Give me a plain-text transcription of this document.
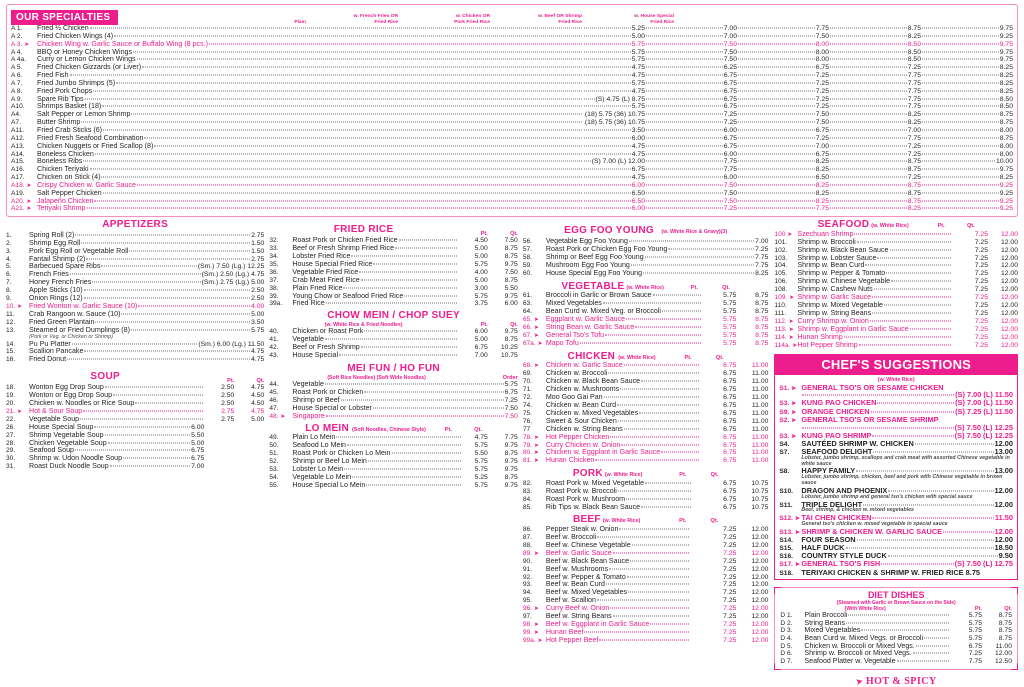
OUR SPECIALTIES	Plain
w. French Fries OR
Fried Rice
w. Chicken OR
Pork Fried Rice
w. Beef OR Shrimp
Fried Rice
w. House Special
Fried Rice
A 1.	Fried ½ Chicken	5.25	7.00	7.75	8.75	9.75

A 2.	Fried Chicken Wings (4)	5.00	7.00	7.50	8.25	9.25

A 3. ➤	Chicken Wing w. Garlic Sauce or Buffalo Wing (8 pcs.)	5.75	7.50	8.00	8.50	9.75

A 4.	BBQ or Honey Chicken Wings	5.75	7.50	8.00	8.50	9.75

A 4a.	Curry or Lemon Chicken Wings	5.75	7.50	8.00	8.50	9.75

A 5.	Fried Chicken Gizzards (or Liver)	4.75	6.25	6.75	7.25	8.25

A 6.	Fried Fish	4.75	6.75	7.25	7.75	8.25

A 7.	Fried Jumbo Shrimps (5)	5.75	6.75	7.25	7.75	8.25

A 8.	Fried Pork Chops	4.75	6.75	7.25	7.75	8.25

A 9.	Spare Rib Tips	(S) 4.75 (L) 8.75	6.75	7.25	7.75	8.50

A10.	Shrimps Basket (18)	5.75	6.75	7.25	7.75	8.50

A4.	Salt Pepper or Lemon Shrimp	(18) 5.75 (36) 10.75	7.25	7.50	8.25	8.75

A7.	Butter Shrimp	(18) 5.75 (36) 10.75	7.25	7.50	8.25	8.75

A11.	Fried Crab Sticks (6)	3.50	6.00	6.75	7.00	8.00

A12.	Fried Fresh Seafood Combination	6.00	6.75	7.25	7.75	8.75

A13.	Chicken Nuggets or Fried Scallop (8)	4.75	6.75	7.00	7.25	8.00

A14.	Boneless Chicken	4.75	6.00	6.75	7.25	8.00

A15.	Boneless Ribs	(S) 7.00 (L) 12.00	7.75	8.25	8.75	10.00

A16.	Chicken Teriyaki	6.75	7.75	8.25	8.75	9.75

A17.	Chicken on Stick (4)	4.75	6.00	6.50	7.25	8.25

A18. ➤	Crispy Chicken w. Garlic Sauce	6.00	7.50	8.25	8.75	9.25

A19.	Salt Pepper Chicken	6.50	7.50	8.25	8.75	9.25

A20. ➤	Jalapeño Chicken	6.50	7.50	8.25	8.75	9.25

A21. ➤	Teriyaki Shrimp	6.00	7.25	7.75	8.25	9.25
APPETIZERS
1.	Spring Roll (2) 2.75

2.	Shrimp Egg Roll 1.50

3.	Pork Egg Roll or Vegetable Roll 1.50

4.	Fantail Shrimp (2) 2.75

5.	Barbecued Spare Ribs (Sm.) 7.50 (Lg.) 12.25

6.	French Fries (Sm.) 2.50 (Lg.) 4.75

7.	Honey French Fries (Sm.) 2.75 (Lg.) 5.00

8.	Apple Sticks (10) 2.50

9.	Onion Rings (12) 2.50

10. ➤	Fried Wonton w. Garlic Sauce (10) 4.00

11.	Crab Rangoon w. Sauce (10) 5.00

12.	Fried Green Plantain 3.50

13.	Steamed or Fried Dumplings (8) 5.75
(Pork or Veg. or Chicken or Shrimp)

14.	Pu Pu Platter (Sm.) 6.00 (Lg.) 11.50

15.	Scallion Pancake 4.75

16.	Fried Donut 4.75
SOUP	Pt.	Qt.
18.	Wonton Egg Drop Soup	2.50	4.75
19.	Wonton or Egg Drop Soup	2.50	4.50
20.	Chicken w. Noodles or Rice Soup	2.50	4.50
21. ➤	Hot & Sour Soup	2.75	4.75
22.	Vegetable Soup	2.75	5.00
26.	House Special Soup 6.00		

27.	Shrimp Vegetable Soup 5.50		

28.	Chicken Vegetable Soup 5.00		

29.	Seafood Soup 6.75		

30.	Shrimp w. Udon Noodle Soup 6.75		

31.	Roast Duck Noodle Soup 7.00		

FRIED RICE	Pt.	Qt.
32.	Roast Pork or Chicken Fried Rice	4.50	7.50
33.	Beef or Fresh Shrimp Fried Rice	5.00	8.75
34.	Lobster Fried Rice	5.00	8.75
35.	House Special Fried Rice	5.75	9.75
36.	Vegetable Fried Rice	4.00	7.50
37.	Crab Meat Fried Rice	5.00	8.75
38.	Plain Fried Rice	3.00	5.50
39.	Young Chow or Seafood Fried Rice	5.75	9.75
39a.	Fried Rice	3.75	6.00
CHOW MEIN / CHOP SUEY
(w. White Rice & Fried Noodles)	Pt.	Qt.
40.	Chicken or Roast Pork	6.00	9.75
41.	Vegetable	5.00	8.75
42.	Beef or Fresh Shrimp	6.75	10.25
43.	House Special	7.00	10.75
MEI FUN / HO FUN
(Soft Rice Noodles) (Soft Wide Noodles)	Order
44.	Vegetable 5.75

45.	Roast Pork or Chicken 6.75

46.	Shrimp or Beef 7.25

47.	House Special or Lobster 7.50

48. ➤	Singapore 7.50
LO MEIN (Soft Noodles, Chinese Style)	Pt.	Qt.
49.	Plain Lo Mein	4.75	7.75
50.	Seafood Lo Mein	5.75	9.75
51.	Roast Pork or Chicken Lo Mein	5.50	8.75
52.	Shrimp or Beef Lo Mein	5.75	9.75
53.	Lobster Lo Mein	5.75	9.75
54.	Vegetable Lo Mein	5.25	8.75
55.	House Special Lo Mein	5.75	9.75
EGG FOO YOUNG (w. White Rice & Gravy)(3)
56.	Vegetable Egg Foo Young 7.00

57.	Roast Pork or Chicken Egg Foo Young 7.25

58.	Shrimp or Beef Egg Foo Young 7.75

59.	Mushroom Egg Foo Young 7.75

60.	House Special Egg Foo Young 8.25
VEGETABLE (w. White Rice)	Pt.	Qt.
61.	Broccoli in Garlic or Brown Sauce	5.75	8.75
63.	Mixed Vegetables	5.75	8.75
64.	Bean Curd w. Mixed Veg. or Broccoli	5.75	8.75
65. ➤	Eggplant w. Garlic Sauce	5.75	8.75
66. ➤	String Bean w. Garlic Sauce	5.75	8.75
67. ➤	General Tso's Tofu	5.75	8.75
67a. ➤	Mapo Tofu	5.75	8.75
CHICKEN (w. White Rice)	Pt.	Qt.
68. ➤	Chicken w. Garlic Sauce	6.75	11.00
69.	Chicken w. Broccoli	6.75	11.00
70.	Chicken w. Black Bean Sauce	6.75	11.00
71.	Chicken w. Mushrooms	6.75	11.00
72.	Moo Goo Gai Pan	6.75	11.00
74.	Chicken w. Bean Curd	6.75	11.00
75.	Chicken w. Mixed Vegetables	6.75	11.00
76.	Sweet & Sour Chicken	6.75	11.00
77	Chicken w. String Beans	6.75	11.00
78. ➤	Hot Pepper Chicken	6.75	11.00
79. ➤	Curry Chicken w. Onion	6.75	11.00
80. ➤	Chicken w. Eggplant in Garlic Sauce	6.75	11.00
81. ➤	Hunan Chicken	6.75	11.00
PORK (w. White Rice)	Pt.	Qt.
82.	Roast Pork w. Mixed Vegetable	6.75	10.75
83.	Roast Pork w. Broccoli	6.75	10.75
84.	Roast Pork w. Mushroom	6.75	10.75
85.	Rib Tips w. Black Bean Sauce	6.75	10.75
BEEF (w. White Rice)	Pt.	Qt.
86.	Pepper Steak w. Onion	7.25	12.00
87.	Beef w. Broccoli	7.25	12.00
88.	Beef w. Chinese Vegetable	7.25	12.00
89. ➤	Beef w. Garlic Sauce	7.25	12.00
90.	Beef w. Black Bean Sauce	7.25	12.00
91.	Beef w. Mushrooms	7.25	12.00
92.	Beef w. Pepper & Tomato	7.25	12.00
93.	Beef w. Bean Curd	7.25	12.00
94.	Beef w. Mixed Vegetables	7.25	12.00
95.	Beef w. Scallion	7.25	12.00
96. ➤	Curry Beef w. Onion	7.25	12.00
97.	Beef w. String Beans	7.25	12.00
98. ➤	Beef w. Eggplant in Garlic Sauce	7.25	12.00
99. ➤	Hunan Beef	7.25	12.00
99a. ➤	Hot Pepper Beef	7.25	12.00
SEAFOOD (w. White Rice)	Pt.	Qt.
100 ➤	Szechuan Shrimp	7.25	12.00
101.	Shrimp w. Broccoli	7.25	12.00
102.	Shrimp w. Black Bean Sauce	7.25	12.00
103.	Shrimp w. Lobster Sauce	7.25	12.00
104.	Shrimp w. Bean Curd	7.25	12.00
105.	Shrimp w. Pepper & Tomato	7.25	12.00
106.	Shrimp w. Chinese Vegetable	7.25	12.00
108.	Shrimp w. Cashew Nuts	7.25	12.00
109. ➤	Shrimp w. Garlic Sauce	7.25	12.00
110.	Shrimp w. Mixed Vegetable	7.25	12.00
111.	Shrimp w. String Beans	7.25	12.00
112. ➤	Curry Shrimp w. Onion	7.25	12.00
113. ➤	Shrimp w. Eggplant in Garlic Sauce	7.25	12.00
114. ➤	Hunan Shrimp	7.25	12.00
114a. ➤	Hot Pepper Shrimp	7.25	12.00
CHEF'S SUGGESTIONS
(w. White Rice)
S1. ➤	GENERAL TSO'S OR SESAME CHICKEN
(S) 7.00 (L) 11.50

S3. ➤	KUNG PAO CHICKEN (S) 7.00 (L) 11.50

S9. ➤	ORANGE CHICKEN (S) 7.25 (L) 11.50

S2. ➤	GENERAL TSO'S OR SESAME SHRIMP
(S) 7.50 (L) 12.25

S3. ➤	KUNG PAO SHRIMP (S) 7.50 (L) 12.25

S4.	SAUTÉED SHRIMP W. CHICKEN 12.00

S7.	SEAFOOD DELIGHT 13.00
Lobster, jumbo shrimp, scallops and crab meat with assorted Chinese vegetable in white sauce

S8.	HAPPY FAMILY 13.00
Lobster, jumbo shrimp, chicken, beef and pork with Chinese vegetable in brown sauce

S10.	DRAGON AND PHOENIX 12.00
Lobster, jumbo shrimp and general tso's chicken with special sauce

S11.	TRIPLE DELIGHT 12.00
Beef, shrimp, & chicken w. mixed vegetables

S12. ➤	TAI CHEN CHICKEN 11.50
General tso's chicken w. mixed vegetable in special sauce

S13. ➤	SHRIMP & CHICKEN W. GARLIC SAUCE 12.00

S14.	FOUR SEASON 12.00

S15.	HALF DUCK 18.50

S16.	COUNTRY STYLE DUCK 9.50

S17. ➤	GENERAL TSO'S FISH (S) 7.50 (L) 12.75

S18.	TERIYAKI CHICKEN & SHRIMP W. FRIED RICE 8.75
DIET DISHES
(Steamed with Garlic or Brown Sauce on the Side)
(With White Rice)	Pt.	Qt.
D 1.	Plain Broccoli	5.75	8.75
D 2.	String Beans	5.75	8.75
D 3.	Mixed Vegetables	5.75	8.75
D 4.	Bean Curd w. Mixed Vegs. or Broccoli	5.75	8.75
D 5.	Chicken w. Broccoli or Mixed Vegs.	6.75	11.00
D 6.	Shrimp w. Broccoli or Mixed Vegs.	7.25	12.00
D 7.	Seafood Platter w. Vegetable	7.75	12.50
➤ HOT & SPICY
